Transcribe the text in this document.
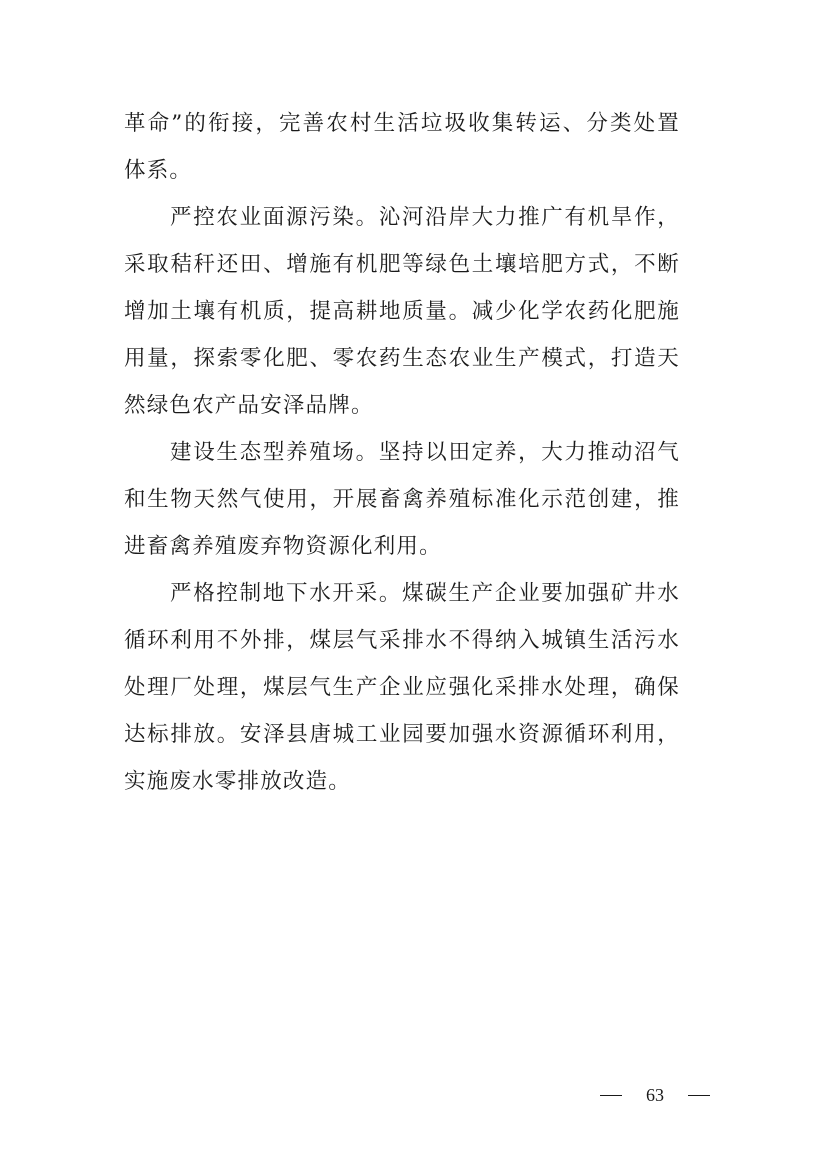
革命”的衔接，完善农村生活垃圾收集转运、分类处置体系。

严控农业面源污染。沁河沿岸大力推广有机旱作，采取秸秆还田、增施有机肥等绿色土壤培肥方式，不断增加土壤有机质，提高耕地质量。减少化学农药化肥施用量，探索零化肥、零农药生态农业生产模式，打造天然绿色农产品安泽品牌。

建设生态型养殖场。坚持以田定养，大力推动沼气和生物天然气使用，开展畜禽养殖标准化示范创建，推进畜禽养殖废弃物资源化利用。

严格控制地下水开采。煤碳生产企业要加强矿井水循环利用不外排，煤层气采排水不得纳入城镇生活污水处理厂处理，煤层气生产企业应强化采排水处理，确保达标排放。安泽县唐城工业园要加强水资源循环利用，实施废水零排放改造。

63
